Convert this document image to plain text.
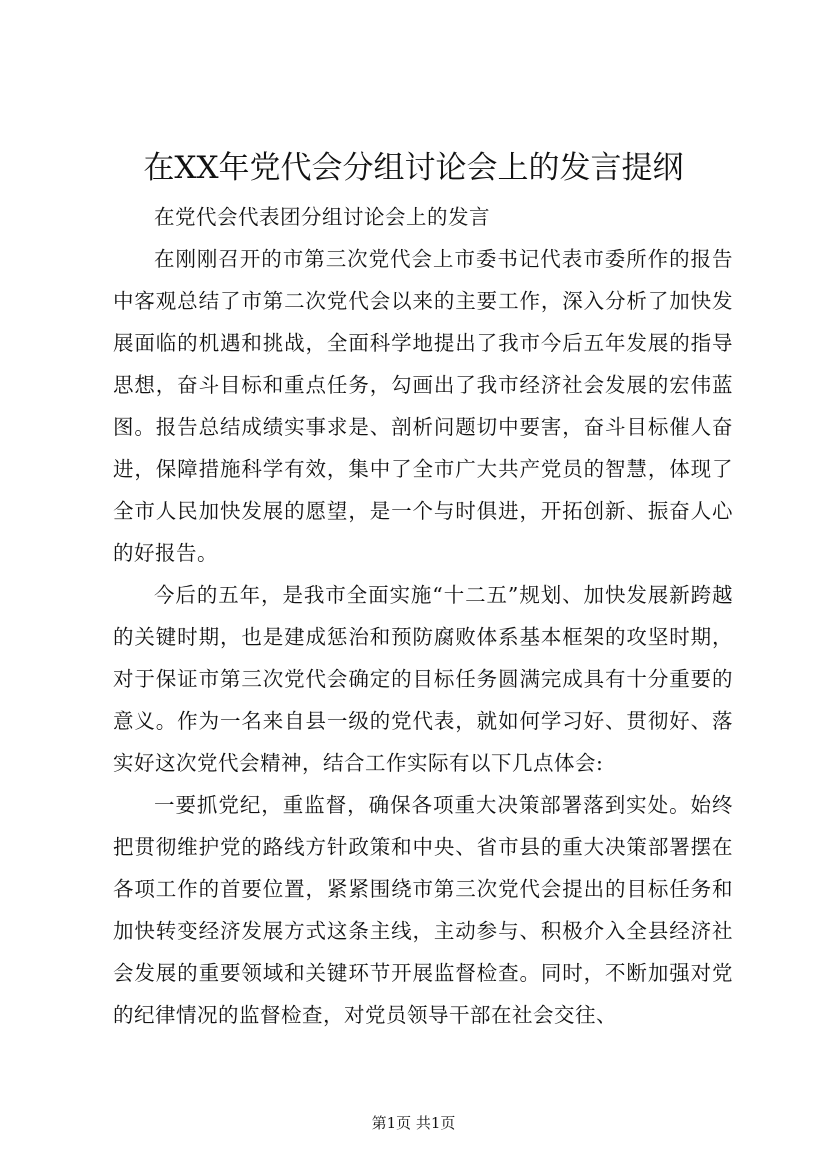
在XX年党代会分组讨论会上的发言提纲

在党代会代表团分组讨论会上的发言

在刚刚召开的市第三次党代会上市委书记代表市委所作的报告中客观总结了市第二次党代会以来的主要工作，深入分析了加快发展面临的机遇和挑战，全面科学地提出了我市今后五年发展的指导思想，奋斗目标和重点任务，勾画出了我市经济社会发展的宏伟蓝图。报告总结成绩实事求是、剖析问题切中要害，奋斗目标催人奋进，保障措施科学有效，集中了全市广大共产党员的智慧，体现了全市人民加快发展的愿望，是一个与时俱进，开拓创新、振奋人心的好报告。

今后的五年，是我市全面实施“十二五”规划、加快发展新跨越的关键时期，也是建成惩治和预防腐败体系基本框架的攻坚时期，对于保证市第三次党代会确定的目标任务圆满完成具有十分重要的意义。作为一名来自县一级的党代表，就如何学习好、贯彻好、落实好这次党代会精神，结合工作实际有以下几点体会:

一要抓党纪，重监督，确保各项重大决策部署落到实处。始终把贯彻维护党的路线方针政策和中央、省市县的重大决策部署摆在各项工作的首要位置，紧紧围绕市第三次党代会提出的目标任务和加快转变经济发展方式这条主线，主动参与、积极介入全县经济社会发展的重要领域和关键环节开展监督检查。同时，不断加强对党的纪律情况的监督检查，对党员领导干部在社会交往、

第1页 共1页
